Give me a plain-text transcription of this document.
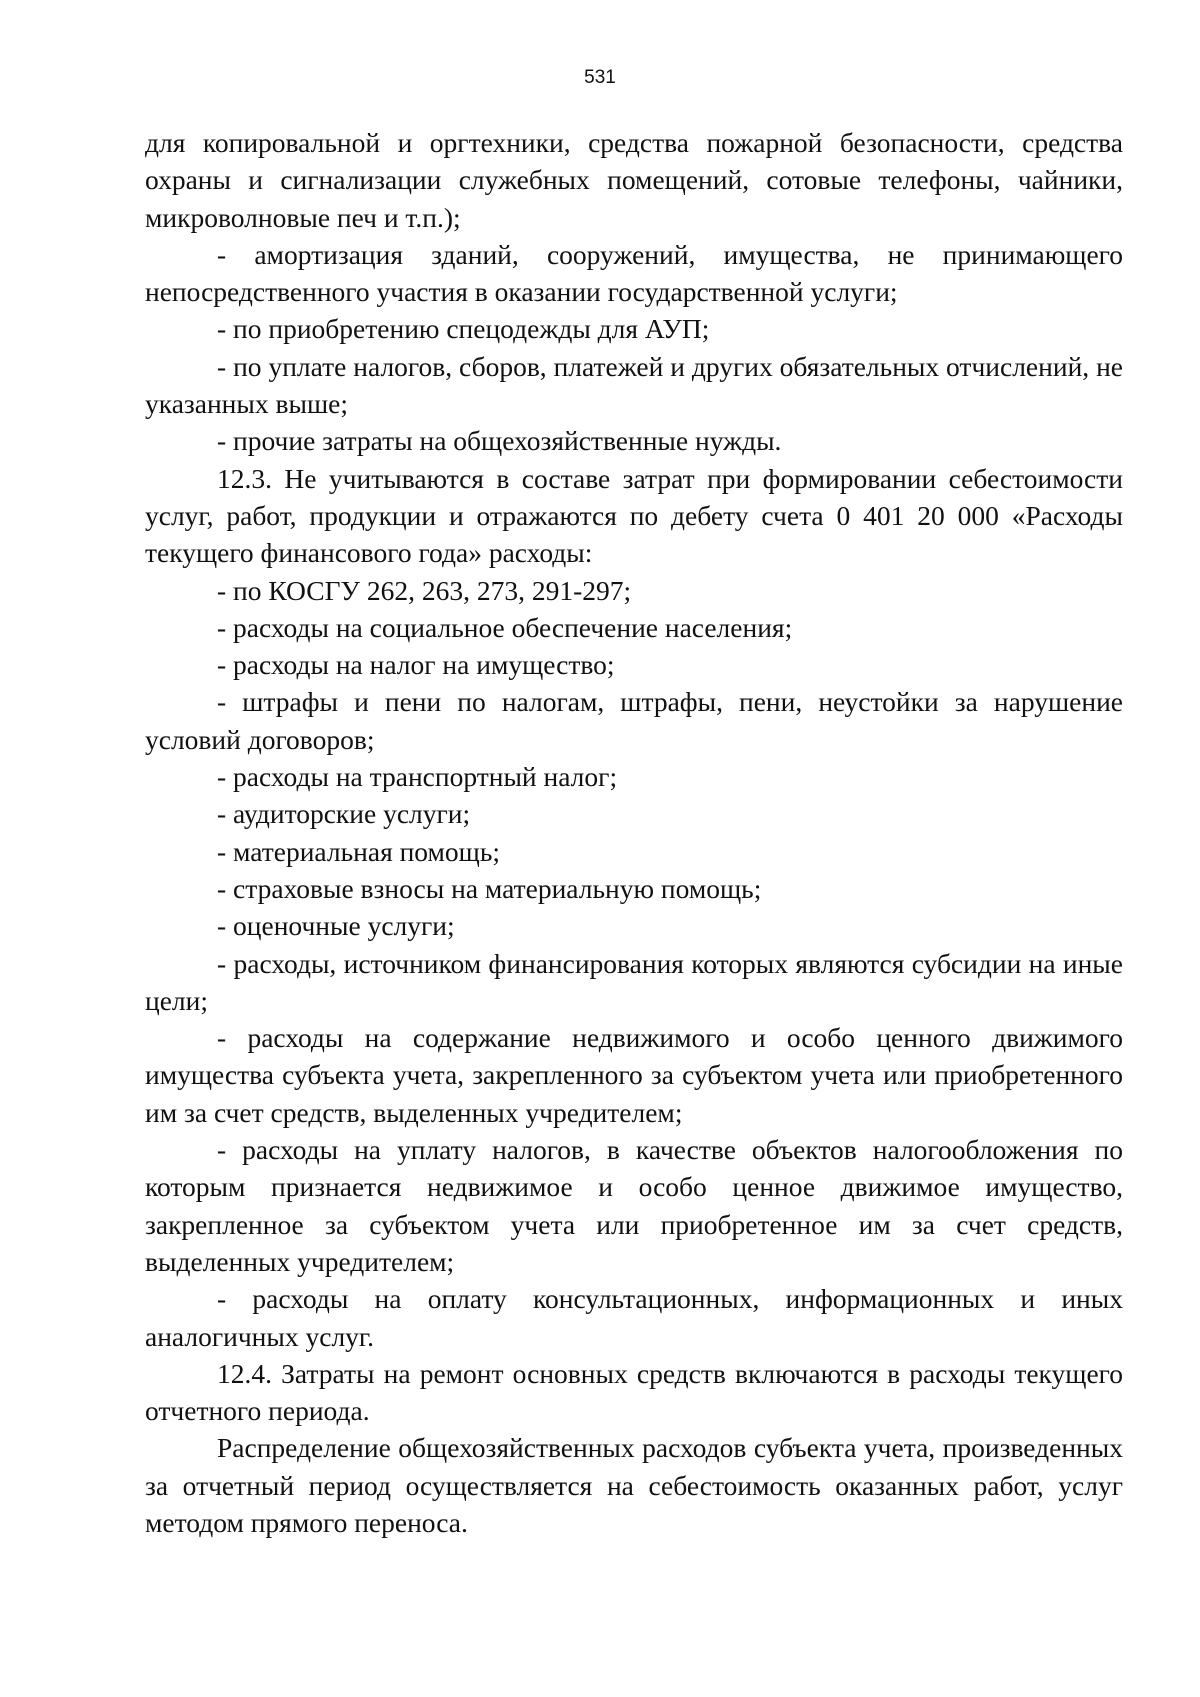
531

для копировальной и оргтехники, средства пожарной безопасности, средства охраны и сигнализации служебных помещений, сотовые телефоны, чайники, микроволновые печ и т.п.);

- амортизация зданий, сооружений, имущества, не принимающего непосредственного участия в оказании государственной услуги;

- по приобретению спецодежды для АУП;

- по уплате налогов, сборов, платежей и других обязательных отчислений, не указанных выше;

- прочие затраты на общехозяйственные нужды.

12.3. Не учитываются в составе затрат при формировании себестоимости услуг, работ, продукции и отражаются по дебету счета 0 401 20 000 «Расходы текущего финансового года» расходы:

- по КОСГУ 262, 263, 273, 291-297;

- расходы на социальное обеспечение населения;

- расходы на налог на имущество;

- штрафы и пени по налогам, штрафы, пени, неустойки за нарушение условий договоров;

- расходы на транспортный налог;

- аудиторские услуги;

- материальная помощь;

- страховые взносы на материальную помощь;

- оценочные услуги;

- расходы, источником финансирования которых являются субсидии на иные цели;

- расходы на содержание недвижимого и особо ценного движимого имущества субъекта учета, закрепленного за субъектом учета или приобретенного им за счет средств, выделенных учредителем;

- расходы на уплату налогов, в качестве объектов налогообложения по которым признается недвижимое и особо ценное движимое имущество, закрепленное за субъектом учета или приобретенное им за счет средств, выделенных учредителем;

- расходы на оплату консультационных, информационных и иных аналогичных услуг.

12.4. Затраты на ремонт основных средств включаются в расходы текущего отчетного периода.

Распределение общехозяйственных расходов субъекта учета, произведенных за отчетный период осуществляется на себестоимость оказанных работ, услуг методом прямого переноса.
